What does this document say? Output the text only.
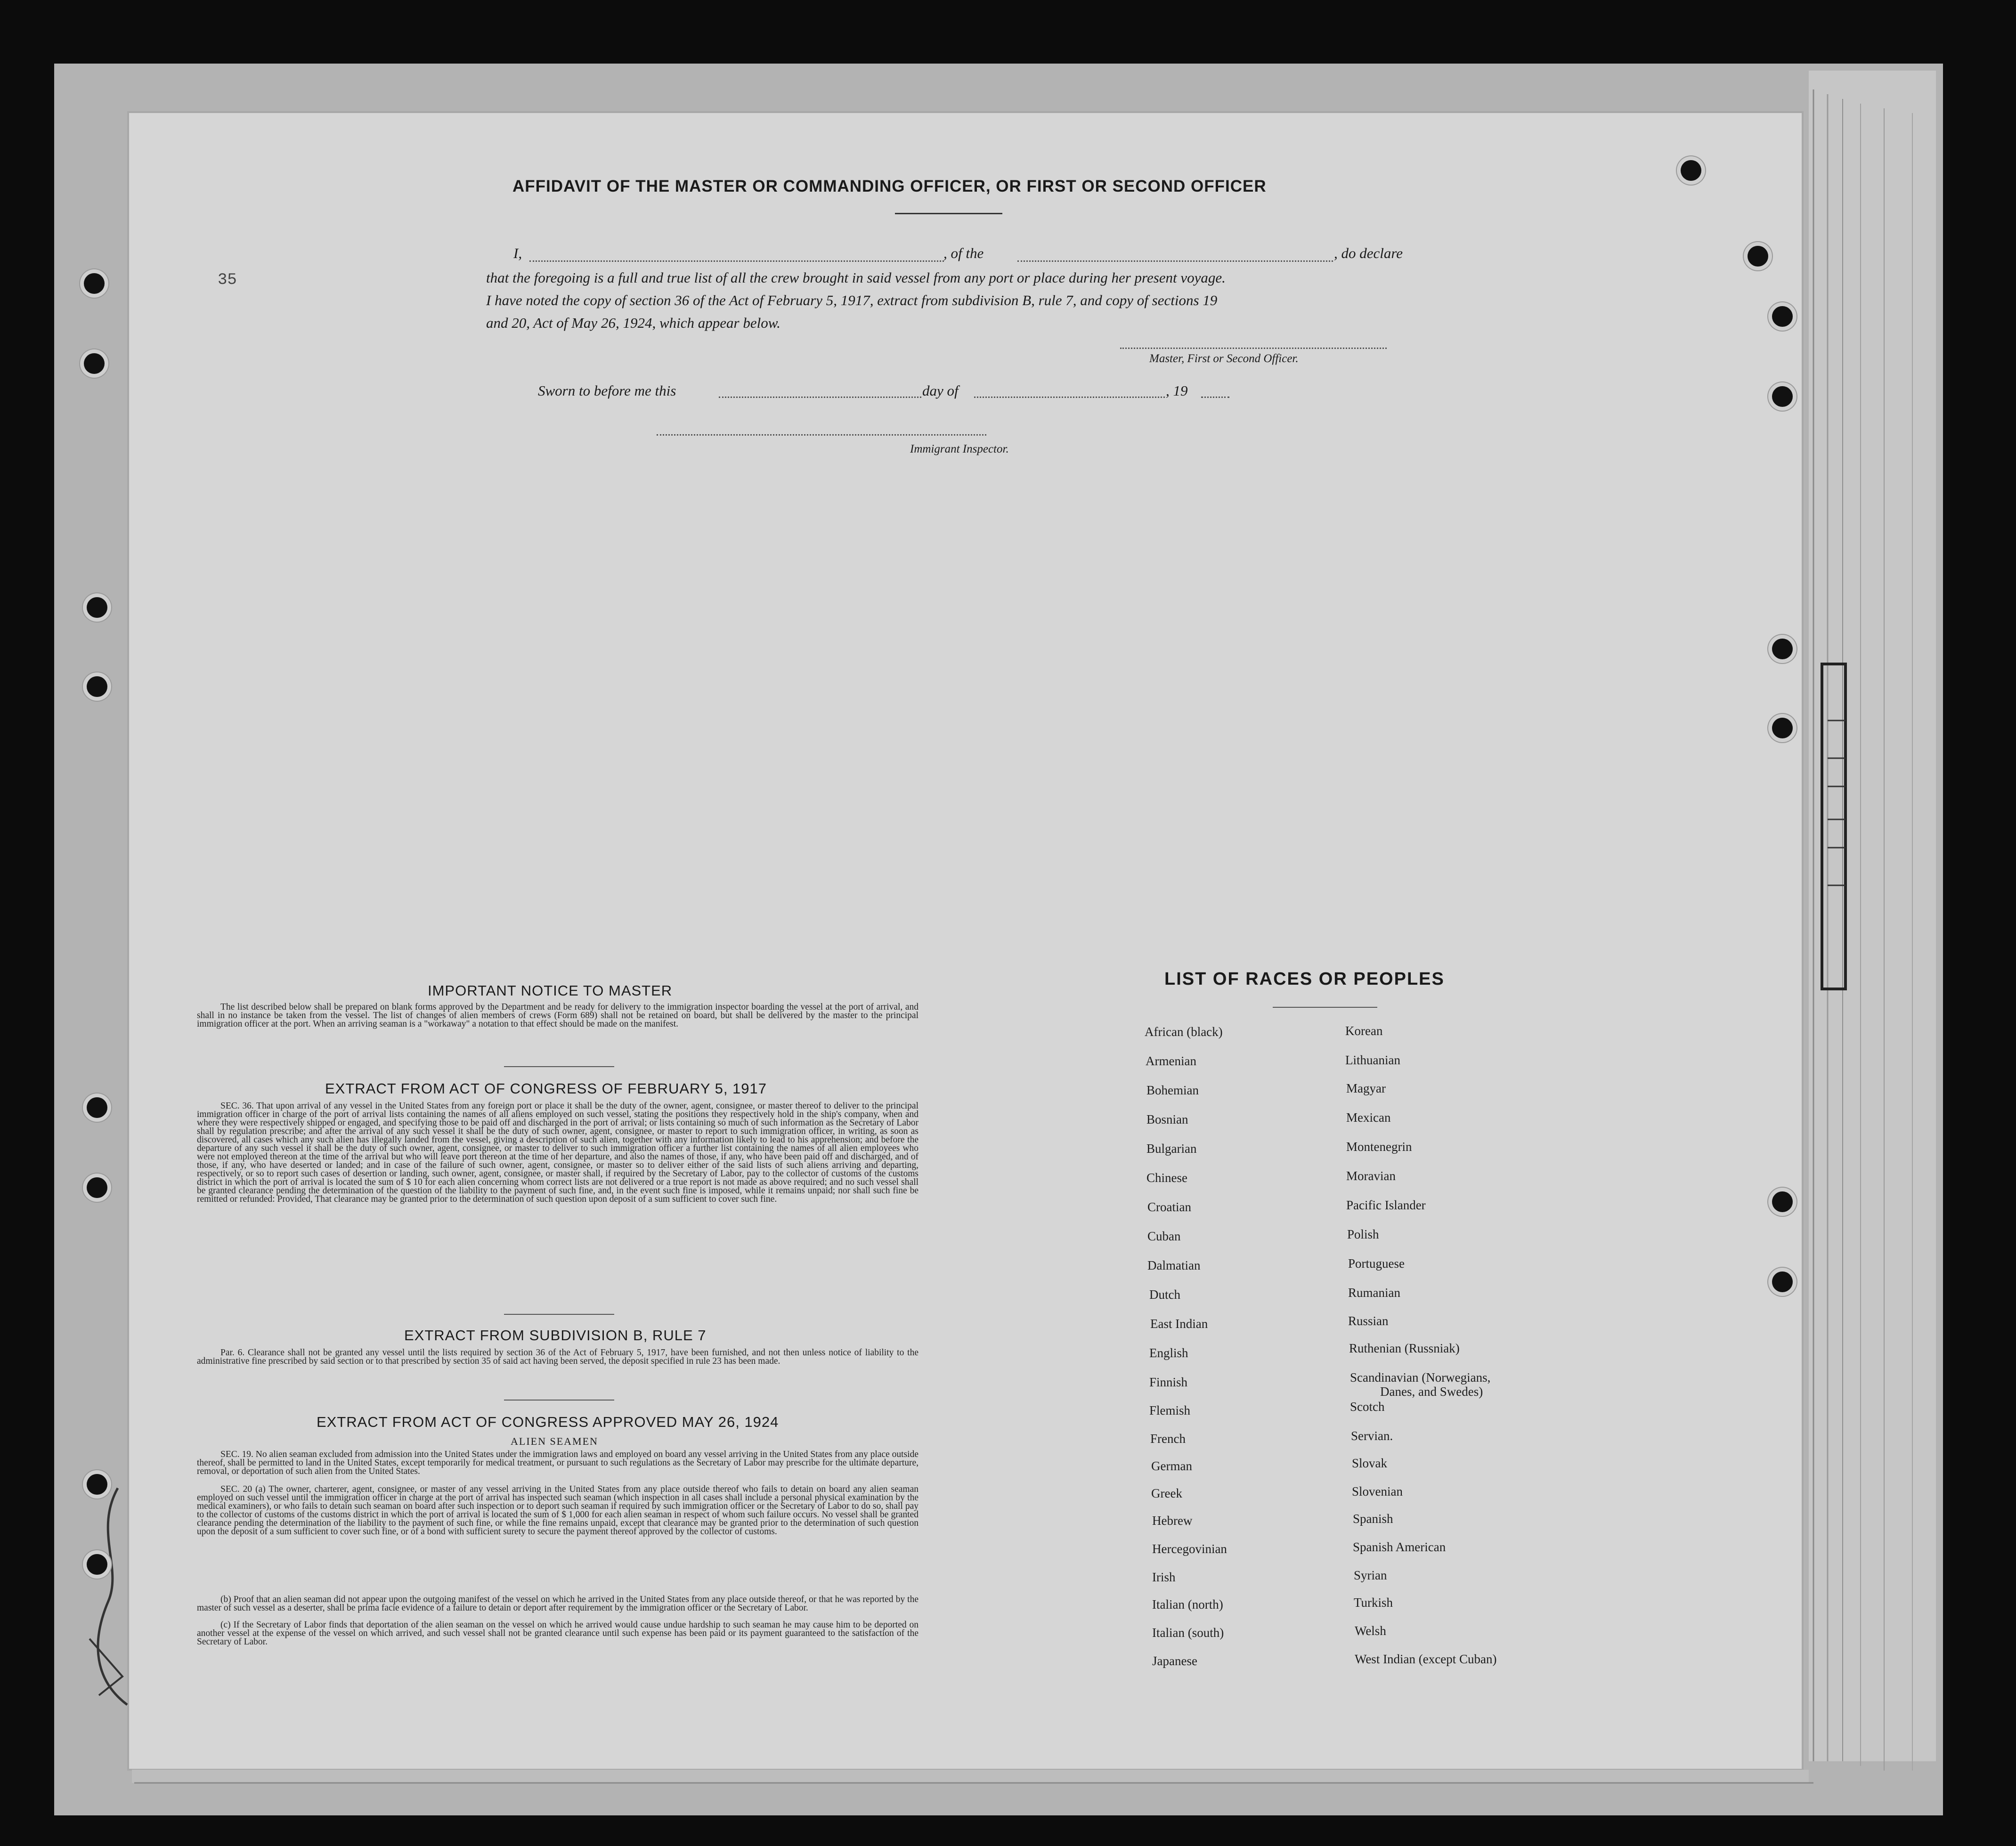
AFFIDAVIT OF THE MASTER OR COMMANDING OFFICER, OR FIRST OR SECOND OFFICER
35
I,	, of the	, do declare
that the foregoing is a full and true list of all the crew brought in said vessel from any port or place during her present voyage.
I have noted the copy of section 36 of the Act of February 5, 1917, extract from subdivision B, rule 7, and copy of sections 19
and 20, Act of May 26, 1924, which appear below.
Master, First or Second Officer.
Sworn to before me this	day of	, 19
Immigrant Inspector.
IMPORTANT NOTICE TO MASTER
The list described below shall be prepared on blank forms approved by the Department and be ready for delivery to the immigration inspector boarding the vessel at the port of arrival, and shall in no instance be taken from the vessel. The list of changes of alien members of crews (Form 689) shall not be retained on board, but shall be delivered by the master to the principal immigration officer at the port. When an arriving seaman is a "workaway" a notation to that effect should be made on the manifest.
EXTRACT FROM ACT OF CONGRESS OF FEBRUARY 5, 1917
SEC. 36. That upon arrival of any vessel in the United States from any foreign port or place it shall be the duty of the owner, agent, consignee, or master thereof to deliver to the principal immigration officer in charge of the port of arrival lists containing the names of all aliens employed on such vessel, stating the positions they respectively hold in the ship's company, when and where they were respectively shipped or engaged, and specifying those to be paid off and discharged in the port of arrival; or lists containing so much of such information as the Secretary of Labor shall by regulation prescribe; and after the arrival of any such vessel it shall be the duty of such owner, agent, consignee, or master to report to such immigration officer, in writing, as soon as discovered, all cases which any such alien has illegally landed from the vessel, giving a description of such alien, together with any information likely to lead to his apprehension; and before the departure of any such vessel it shall be the duty of such owner, agent, consignee, or master to deliver to such immigration officer a further list containing the names of all alien employees who were not employed thereon at the time of the arrival but who will leave port thereon at the time of her departure, and also the names of those, if any, who have been paid off and discharged, and of those, if any, who have deserted or landed; and in case of the failure of such owner, agent, consignee, or master so to deliver either of the said lists of such aliens arriving and departing, respectively, or so to report such cases of desertion or landing, such owner, agent, consignee, or master shall, if required by the Secretary of Labor, pay to the collector of customs of the customs district in which the port of arrival is located the sum of $ 10 for each alien concerning whom correct lists are not delivered or a true report is not made as above required; and no such vessel shall be granted clearance pending the determination of the question of the liability to the payment of such fine, and, in the event such fine is imposed, while it remains unpaid; nor shall such fine be remitted or refunded: Provided, That clearance may be granted prior to the determination of such question upon deposit of a sum sufficient to cover such fine.
EXTRACT FROM SUBDIVISION B, RULE 7
Par. 6. Clearance shall not be granted any vessel until the lists required by section 36 of the Act of February 5, 1917, have been furnished, and not then unless notice of liability to the administrative fine prescribed by said section or to that prescribed by section 35 of said act having been served, the deposit specified in rule 23 has been made.
EXTRACT FROM ACT OF CONGRESS APPROVED MAY 26, 1924
ALIEN SEAMEN
SEC. 19. No alien seaman excluded from admission into the United States under the immigration laws and employed on board any vessel arriving in the United States from any place outside thereof, shall be permitted to land in the United States, except temporarily for medical treatment, or pursuant to such regulations as the Secretary of Labor may prescribe for the ultimate departure, removal, or deportation of such alien from the United States.
SEC. 20 (a) The owner, charterer, agent, consignee, or master of any vessel arriving in the United States from any place outside thereof who fails to detain on board any alien seaman employed on such vessel until the immigration officer in charge at the port of arrival has inspected such seaman (which inspection in all cases shall include a personal physical examination by the medical examiners), or who fails to detain such seaman on board after such inspection or to deport such seaman if required by such immigration officer or the Secretary of Labor to do so, shall pay to the collector of customs of the customs district in which the port of arrival is located the sum of $ 1,000 for each alien seaman in respect of whom such failure occurs. No vessel shall be granted clearance pending the determination of the liability to the payment of such fine, or while the fine remains unpaid, except that clearance may be granted prior to the determination of such question upon the deposit of a sum sufficient to cover such fine, or of a bond with sufficient surety to secure the payment thereof approved by the collector of customs.
(b) Proof that an alien seaman did not appear upon the outgoing manifest of the vessel on which he arrived in the United States from any place outside thereof, or that he was reported by the master of such vessel as a deserter, shall be prima facie evidence of a failure to detain or deport after requirement by the immigration officer or the Secretary of Labor.
(c) If the Secretary of Labor finds that deportation of the alien seaman on the vessel on which he arrived would cause undue hardship to such seaman he may cause him to be deported on another vessel at the expense of the vessel on which arrived, and such vessel shall not be granted clearance until such expense has been paid or its payment guaranteed to the satisfaction of the Secretary of Labor.
LIST OF RACES OR PEOPLES
African (black)
Armenian
Bohemian
Bosnian
Bulgarian
Chinese
Croatian
Cuban
Dalmatian
Dutch
East Indian
English
Finnish
Flemish
French
German
Greek
Hebrew
Hercegovinian
Irish
Italian (north)
Italian (south)
Japanese
Korean
Lithuanian
Magyar
Mexican
Montenegrin
Moravian
Pacific Islander
Polish
Portuguese
Rumanian
Russian
Ruthenian (Russniak)
Scandinavian (Norwegians,
Danes, and Swedes)
Scotch
Servian.
Slovak
Slovenian
Spanish
Spanish American
Syrian
Turkish
Welsh
West Indian (except Cuban)
